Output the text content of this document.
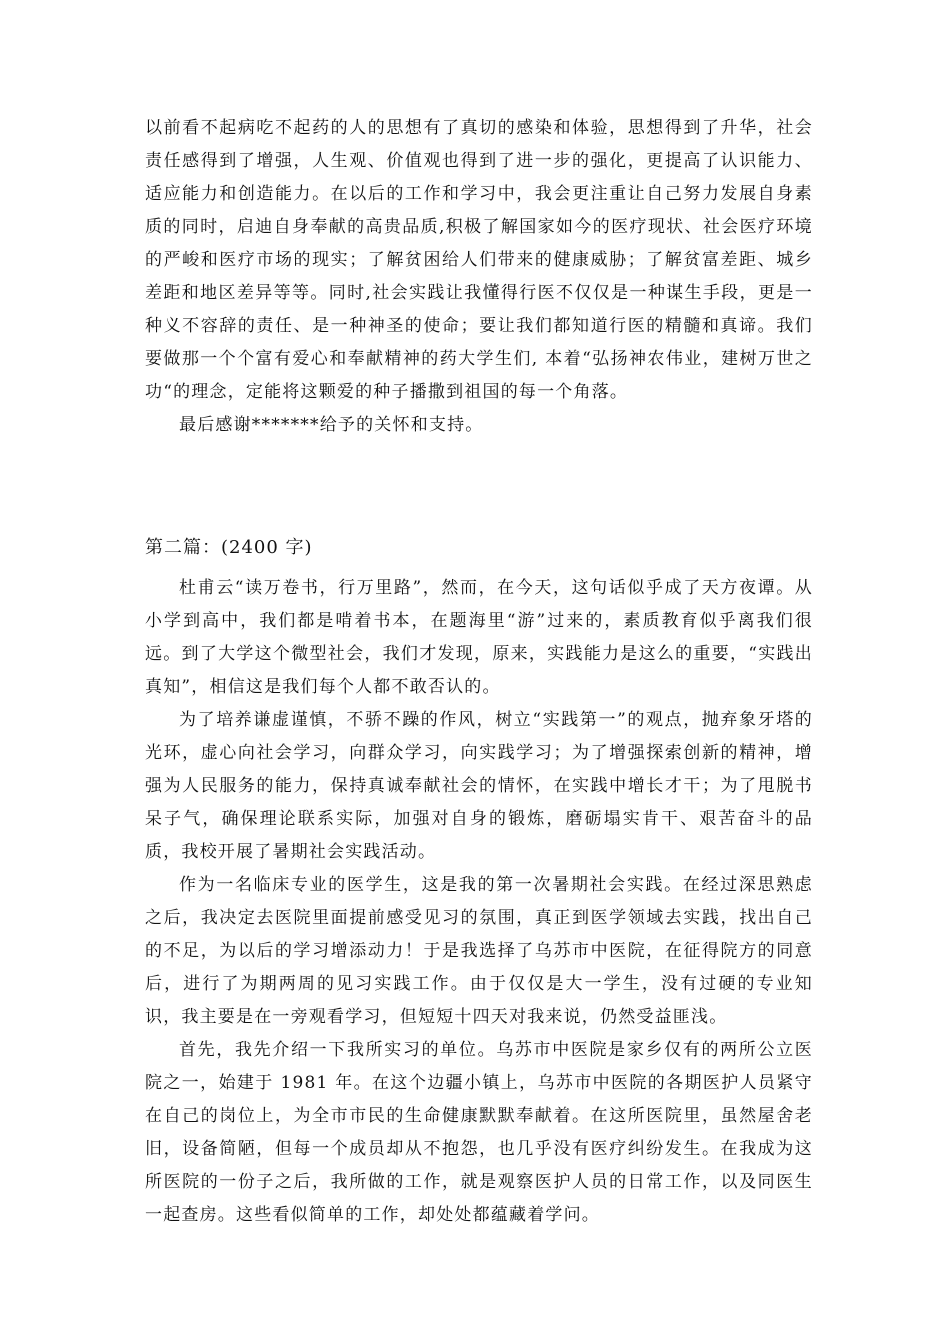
以前看不起病吃不起药的人的思想有了真切的感染和体验，思想得到了升华，社会责任感得到了增强，人生观、价值观也得到了进一步的强化，更提高了认识能力、适应能力和创造能力。在以后的工作和学习中，我会更注重让自己努力发展自身素质的同时，启迪自身奉献的高贵品质,积极了解国家如今的医疗现状、社会医疗环境的严峻和医疗市场的现实；了解贫困给人们带来的健康威胁；了解贫富差距、城乡差距和地区差异等等。同时,社会实践让我懂得行医不仅仅是一种谋生手段，更是一种义不容辞的责任、是一种神圣的使命；要让我们都知道行医的精髓和真谛。我们要做那一个个富有爱心和奉献精神的药大学生们, 本着“弘扬神农伟业，建树万世之功“的理念，定能将这颗爱的种子播撒到祖国的每一个角落。

最后感谢*******给予的关怀和支持。

第二篇：(2400 字)

杜甫云“读万卷书，行万里路”，然而，在今天，这句话似乎成了天方夜谭。从小学到高中，我们都是啃着书本，在题海里“游”过来的，素质教育似乎离我们很远。到了大学这个微型社会，我们才发现，原来，实践能力是这么的重要，“实践出真知”，相信这是我们每个人都不敢否认的。

为了培养谦虚谨慎，不骄不躁的作风，树立“实践第一”的观点，抛弃象牙塔的光环，虚心向社会学习，向群众学习，向实践学习；为了增强探索创新的精神，增强为人民服务的能力，保持真诚奉献社会的情怀，在实践中增长才干；为了甩脱书呆子气，确保理论联系实际，加强对自身的锻炼，磨砺塌实肯干、艰苦奋斗的品质，我校开展了暑期社会实践活动。

作为一名临床专业的医学生，这是我的第一次暑期社会实践。在经过深思熟虑之后，我决定去医院里面提前感受见习的氛围，真正到医学领域去实践，找出自己的不足，为以后的学习增添动力！于是我选择了乌苏市中医院，在征得院方的同意后，进行了为期两周的见习实践工作。由于仅仅是大一学生，没有过硬的专业知识，我主要是在一旁观看学习，但短短十四天对我来说，仍然受益匪浅。

首先，我先介绍一下我所实习的单位。乌苏市中医院是家乡仅有的两所公立医院之一，始建于 1981 年。在这个边疆小镇上，乌苏市中医院的各期医护人员紧守在自己的岗位上，为全市市民的生命健康默默奉献着。在这所医院里，虽然屋舍老旧，设备简陋，但每一个成员却从不抱怨，也几乎没有医疗纠纷发生。在我成为这所医院的一份子之后，我所做的工作，就是观察医护人员的日常工作，以及同医生一起查房。这些看似简单的工作，却处处都蕴藏着学问。
